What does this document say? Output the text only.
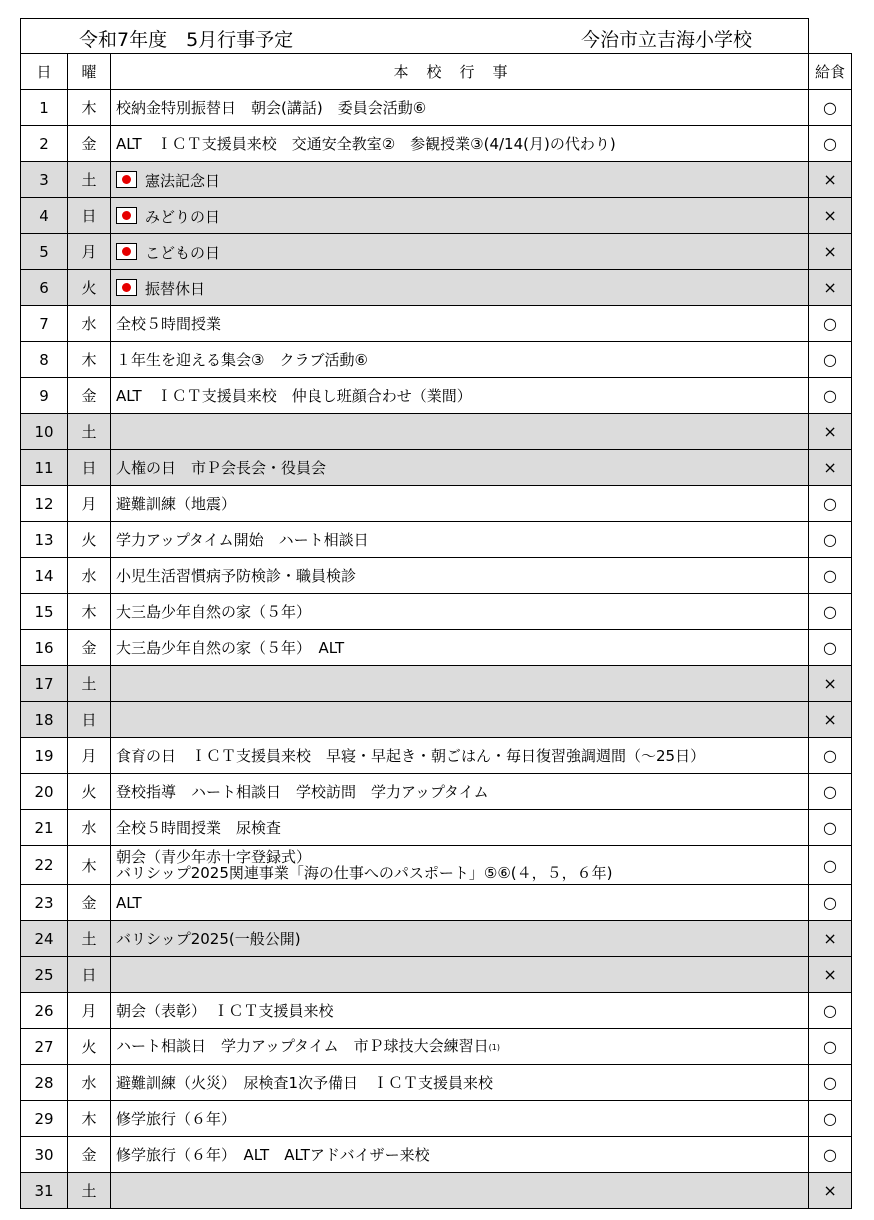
令和7年度　5月行事予定 今治市立吉海小学校			

日	曜	本校行事	給食
1	木	校納金特別振替日　朝会(講話)　委員会活動⑥	○
2	金	ALT　ＩＣＴ支援員来校　交通安全教室②　参観授業③(4/14(月)の代わり)	○
3	土	憲法記念日	×
4	日	みどりの日	×
5	月	こどもの日	×
6	火	振替休日	×
7	水	全校５時間授業	○
8	木	１年生を迎える集会③　クラブ活動⑥	○
9	金	ALT　ＩＣＴ支援員来校　仲良し班顔合わせ（業間）	○
10	土		×
11	日	人権の日　市Ｐ会長会・役員会	×
12	月	避難訓練（地震）	○
13	火	学力アップタイム開始　ハート相談日	○
14	水	小児生活習慣病予防検診・職員検診	○
15	木	大三島少年自然の家（５年）	○
16	金	大三島少年自然の家（５年）　ALT	○
17	土		×
18	日		×
19	月	食育の日　ＩＣＴ支援員来校　早寝・早起き・朝ごはん・毎日復習強調週間（～25日）	○
20	火	登校指導　ハート相談日　学校訪問　学力アップタイム	○
21	水	全校５時間授業　尿検査	○
22	木	朝会（青少年赤十字登録式）
バリシップ2025関連事業「海の仕事へのパスポート」⑤⑥(４，５，６年)	○
23	金	ALT	○
24	土	バリシップ2025(一般公開)	×
25	日		×
26	月	朝会（表彰）　ＩＣＴ支援員来校	○
27	火	ハート相談日　学力アップタイム　市Ｐ球技大会練習日(1)	○
28	水	避難訓練（火災）　尿検査1次予備日　ＩＣＴ支援員来校	○
29	木	修学旅行（６年）	○
30	金	修学旅行（６年）　ALT　ALTアドバイザー来校	○
31	土		×
